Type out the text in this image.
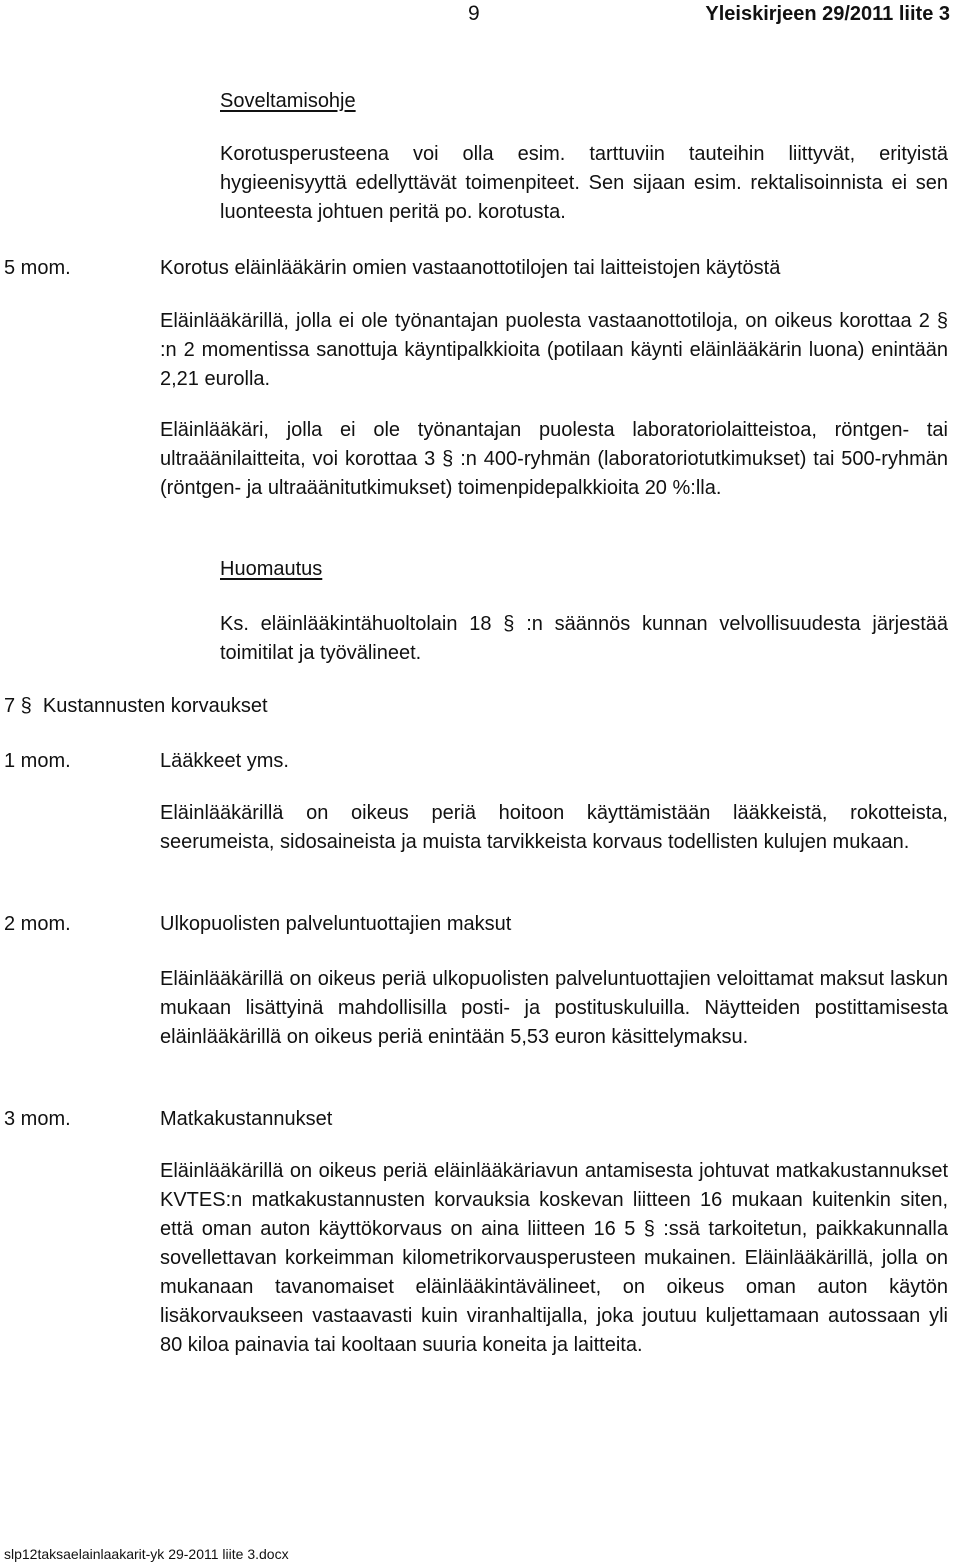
9	Yleiskirjeen 29/2011 liite 3
Soveltamisohje

Korotusperusteena voi olla esim. tarttuviin tauteihin liittyvät, erityistä hygieenisyyttä edellyttävät toimenpiteet. Sen sijaan esim. rektalisoinnista ei sen luonteesta johtuen peritä po. korotusta.

5 mom.	Korotus eläinlääkärin omien vastaanottotilojen tai laitteistojen käytöstä

Eläinlääkärillä, jolla ei ole työnantajan puolesta vastaanottotiloja, on oikeus korottaa 2 § :n 2 momentissa sanottuja käyntipalkkioita (potilaan käynti eläinlääkärin luona) enintään 2,21 eurolla.

Eläinlääkäri, jolla ei ole työnantajan puolesta laboratoriolaitteistoa, röntgen- tai ultraäänilaitteita, voi korottaa 3 § :n 400-ryhmän (laboratoriotutkimukset) tai 500-ryhmän (röntgen- ja ultraäänitutkimukset) toimenpidepalkkioita 20 %:lla.

Huomautus

Ks. eläinlääkintähuoltolain 18 § :n säännös kunnan velvollisuudesta järjestää toimitilat ja työvälineet.

7 §  Kustannusten korvaukset
1 mom.	Lääkkeet yms.

Eläinlääkärillä on oikeus periä hoitoon käyttämistään lääkkeistä, rokotteista, seerumeista, sidosaineista ja muista tarvikkeista korvaus todellisten kulujen mukaan.

2 mom.	Ulkopuolisten palveluntuottajien maksut

Eläinlääkärillä on oikeus periä ulkopuolisten palveluntuottajien veloittamat maksut laskun mukaan lisättyinä mahdollisilla posti- ja postituskuluilla. Näytteiden postittamisesta eläinlääkärillä on oikeus periä enintään 5,53 euron käsittelymaksu.

3 mom.	Matkakustannukset

Eläinlääkärillä on oikeus periä eläinlääkäriavun antamisesta johtuvat matkakustannukset KVTES:n matkakustannusten korvauksia koskevan liitteen 16 mukaan kuitenkin siten, että oman auton käyttökorvaus on aina liitteen 16 5 § :ssä tarkoitetun, paikkakunnalla sovellettavan korkeimman kilometrikorvausperusteen mukainen. Eläinlääkärillä, jolla on mukanaan tavanomaiset eläinlääkintävälineet, on oikeus oman auton käytön lisäkorvaukseen vastaavasti kuin viranhaltijalla, joka joutuu kuljettamaan autossaan yli 80 kiloa painavia tai kooltaan suuria koneita ja laitteita.

slp12taksaelainlaakarit-yk 29-2011 liite 3.docx
